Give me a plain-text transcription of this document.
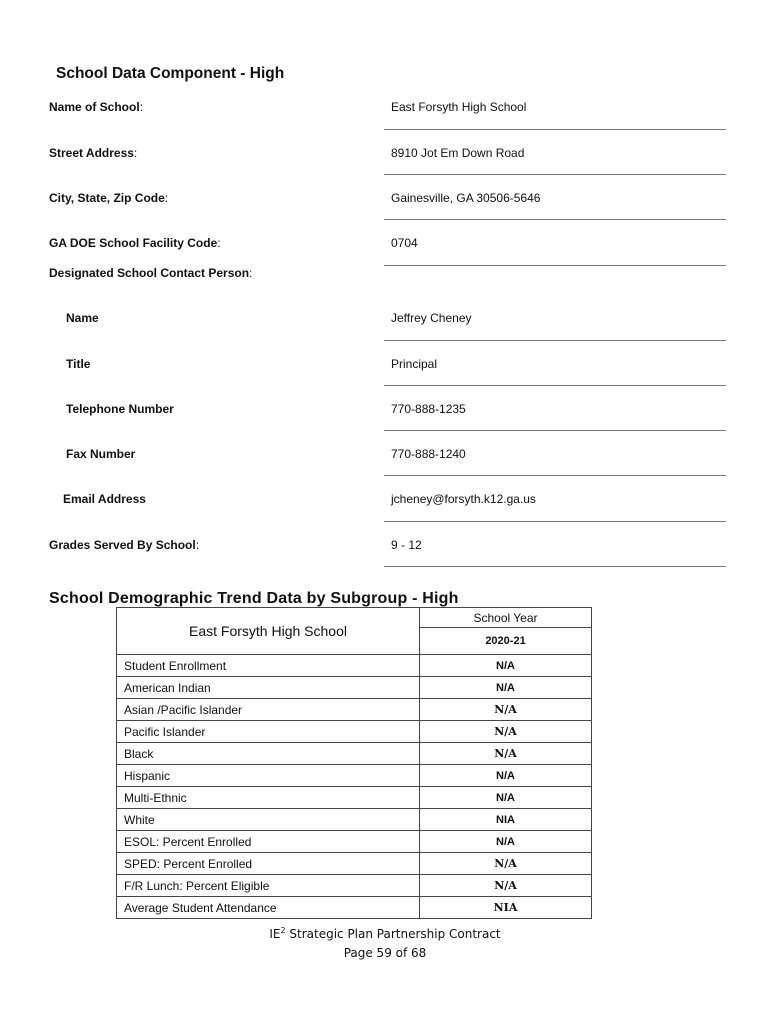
School Data Component - High
Name of School:	East Forsyth High School
Street Address:	8910 Jot Em Down Road
City, State, Zip Code:	Gainesville, GA 30506-5646
GA DOE School Facility Code:	0704
Designated School Contact Person:
Name	Jeffrey Cheney
Title	Principal
Telephone Number	770-888-1235
Fax Number	770-888-1240
Email Address	jcheney@forsyth.k12.ga.us
Grades Served By School:	9 - 12
School Demographic Trend Data by Subgroup - High
East Forsyth High School	School Year
	2020-21
Student Enrollment	N/A
American Indian	N/A
Asian /Pacific Islander	N/A
Pacific Islander	N/A
Black	N/A
Hispanic	N/A
Multi-Ethnic	N/A
White	NIA
ESOL: Percent Enrolled	N/A
SPED: Percent Enrolled	N/A
F/R Lunch: Percent Eligible	N/A
Average Student Attendance	NIA
$IE^2$ Strategic Plan Partnership Contract
Page 59 of 68
